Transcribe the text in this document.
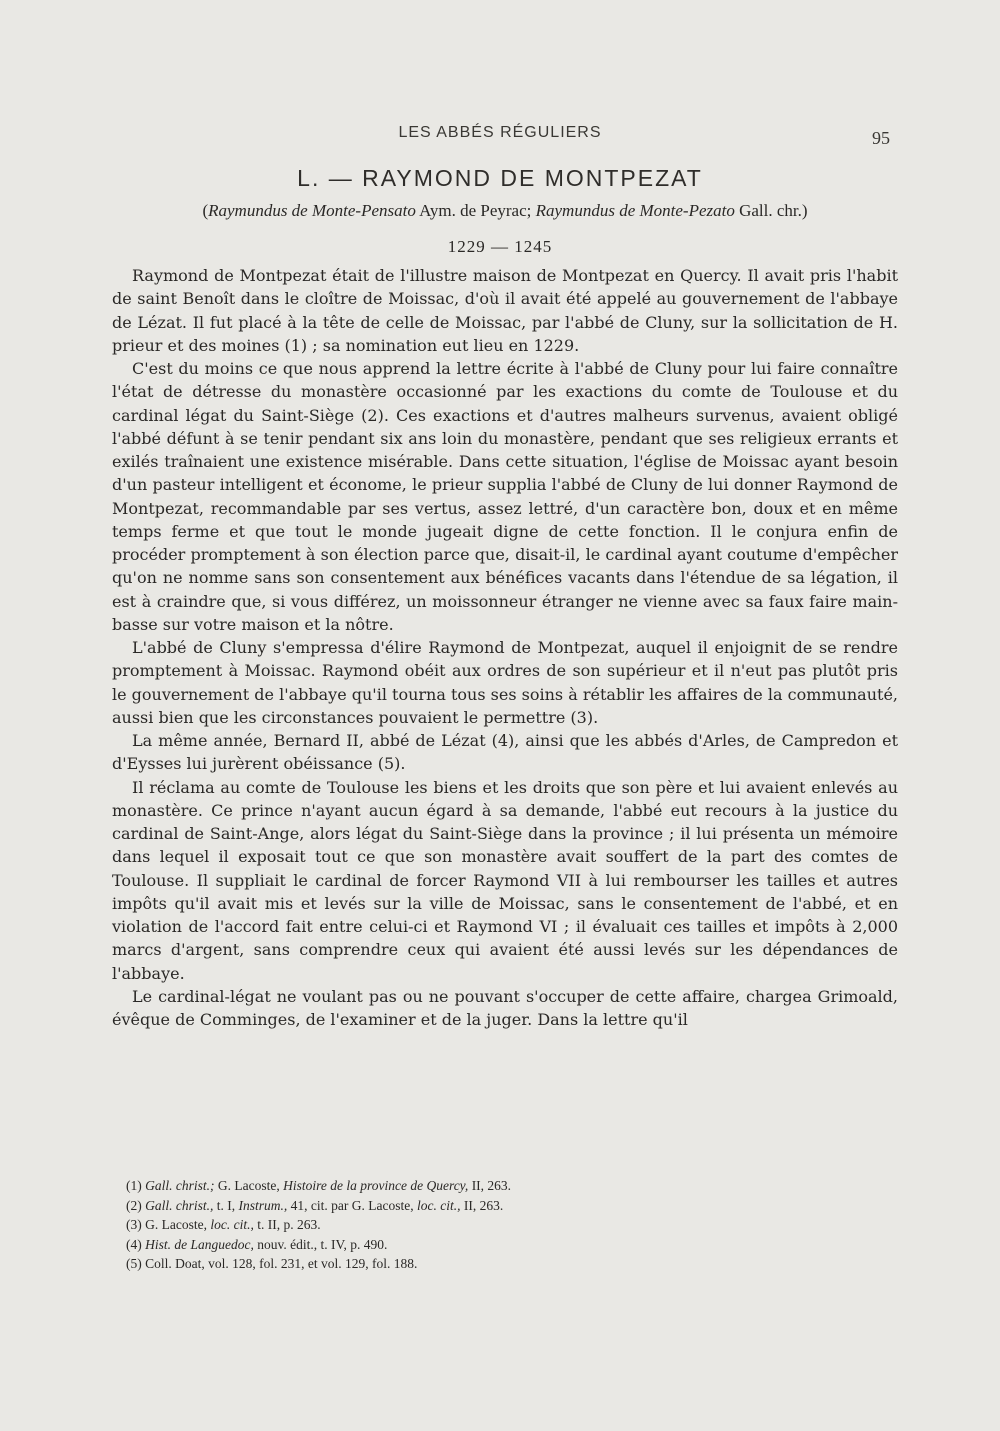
LES ABBÉS RÉGULIERS	95
L. — RAYMOND DE MONTPEZAT
(Raymundus de Monte-Pensato Aym. de Peyrac; Raymundus de Monte-Pezato Gall. chr.)
1229 — 1245

Raymond de Montpezat était de l'illustre maison de Montpezat en Quercy. Il avait pris l'habit de saint Benoît dans le cloître de Moissac, d'où il avait été appelé au gouvernement de l'abbaye de Lézat. Il fut placé à la tête de celle de Moissac, par l'abbé de Cluny, sur la sollicitation de H. prieur et des moines (1) ; sa nomination eut lieu en 1229.

C'est du moins ce que nous apprend la lettre écrite à l'abbé de Cluny pour lui faire connaître l'état de détresse du monastère occasionné par les exactions du comte de Toulouse et du cardinal légat du Saint-Siège (2). Ces exactions et d'autres malheurs survenus, avaient obligé l'abbé défunt à se tenir pendant six ans loin du monastère, pendant que ses religieux errants et exilés traînaient une existence misérable. Dans cette situation, l'église de Moissac ayant besoin d'un pasteur intelligent et économe, le prieur supplia l'abbé de Cluny de lui donner Raymond de Montpezat, recommandable par ses vertus, assez lettré, d'un caractère bon, doux et en même temps ferme et que tout le monde jugeait digne de cette fonction. Il le conjura enfin de procéder promptement à son élection parce que, disait-il, le cardinal ayant coutume d'empêcher qu'on ne nomme sans son consentement aux bénéfices vacants dans l'étendue de sa légation, il est à craindre que, si vous différez, un moissonneur étranger ne vienne avec sa faux faire main-basse sur votre maison et la nôtre.

L'abbé de Cluny s'empressa d'élire Raymond de Montpezat, auquel il enjoignit de se rendre promptement à Moissac. Raymond obéit aux ordres de son supérieur et il n'eut pas plutôt pris le gouvernement de l'abbaye qu'il tourna tous ses soins à rétablir les affaires de la communauté, aussi bien que les circonstances pouvaient le permettre (3).

La même année, Bernard II, abbé de Lézat (4), ainsi que les abbés d'Arles, de Campredon et d'Eysses lui jurèrent obéissance (5).

Il réclama au comte de Toulouse les biens et les droits que son père et lui avaient enlevés au monastère. Ce prince n'ayant aucun égard à sa demande, l'abbé eut recours à la justice du cardinal de Saint-Ange, alors légat du Saint-Siège dans la province ; il lui présenta un mémoire dans lequel il exposait tout ce que son monastère avait souffert de la part des comtes de Toulouse. Il suppliait le cardinal de forcer Raymond VII à lui rembourser les tailles et autres impôts qu'il avait mis et levés sur la ville de Moissac, sans le consentement de l'abbé, et en violation de l'accord fait entre celui-ci et Raymond VI ; il évaluait ces tailles et impôts à 2,000 marcs d'argent, sans comprendre ceux qui avaient été aussi levés sur les dépendances de l'abbaye.

Le cardinal-légat ne voulant pas ou ne pouvant s'occuper de cette affaire, chargea Grimoald, évêque de Comminges, de l'examiner et de la juger. Dans la lettre qu'il

(1) Gall. christ.; G. Lacoste, Histoire de la province de Quercy, II, 263.
(2) Gall. christ., t. I, Instrum., 41, cit. par G. Lacoste, loc. cit., II, 263.
(3) G. Lacoste, loc. cit., t. II, p. 263.
(4) Hist. de Languedoc, nouv. édit., t. IV, p. 490.
(5) Coll. Doat, vol. 128, fol. 231, et vol. 129, fol. 188.
